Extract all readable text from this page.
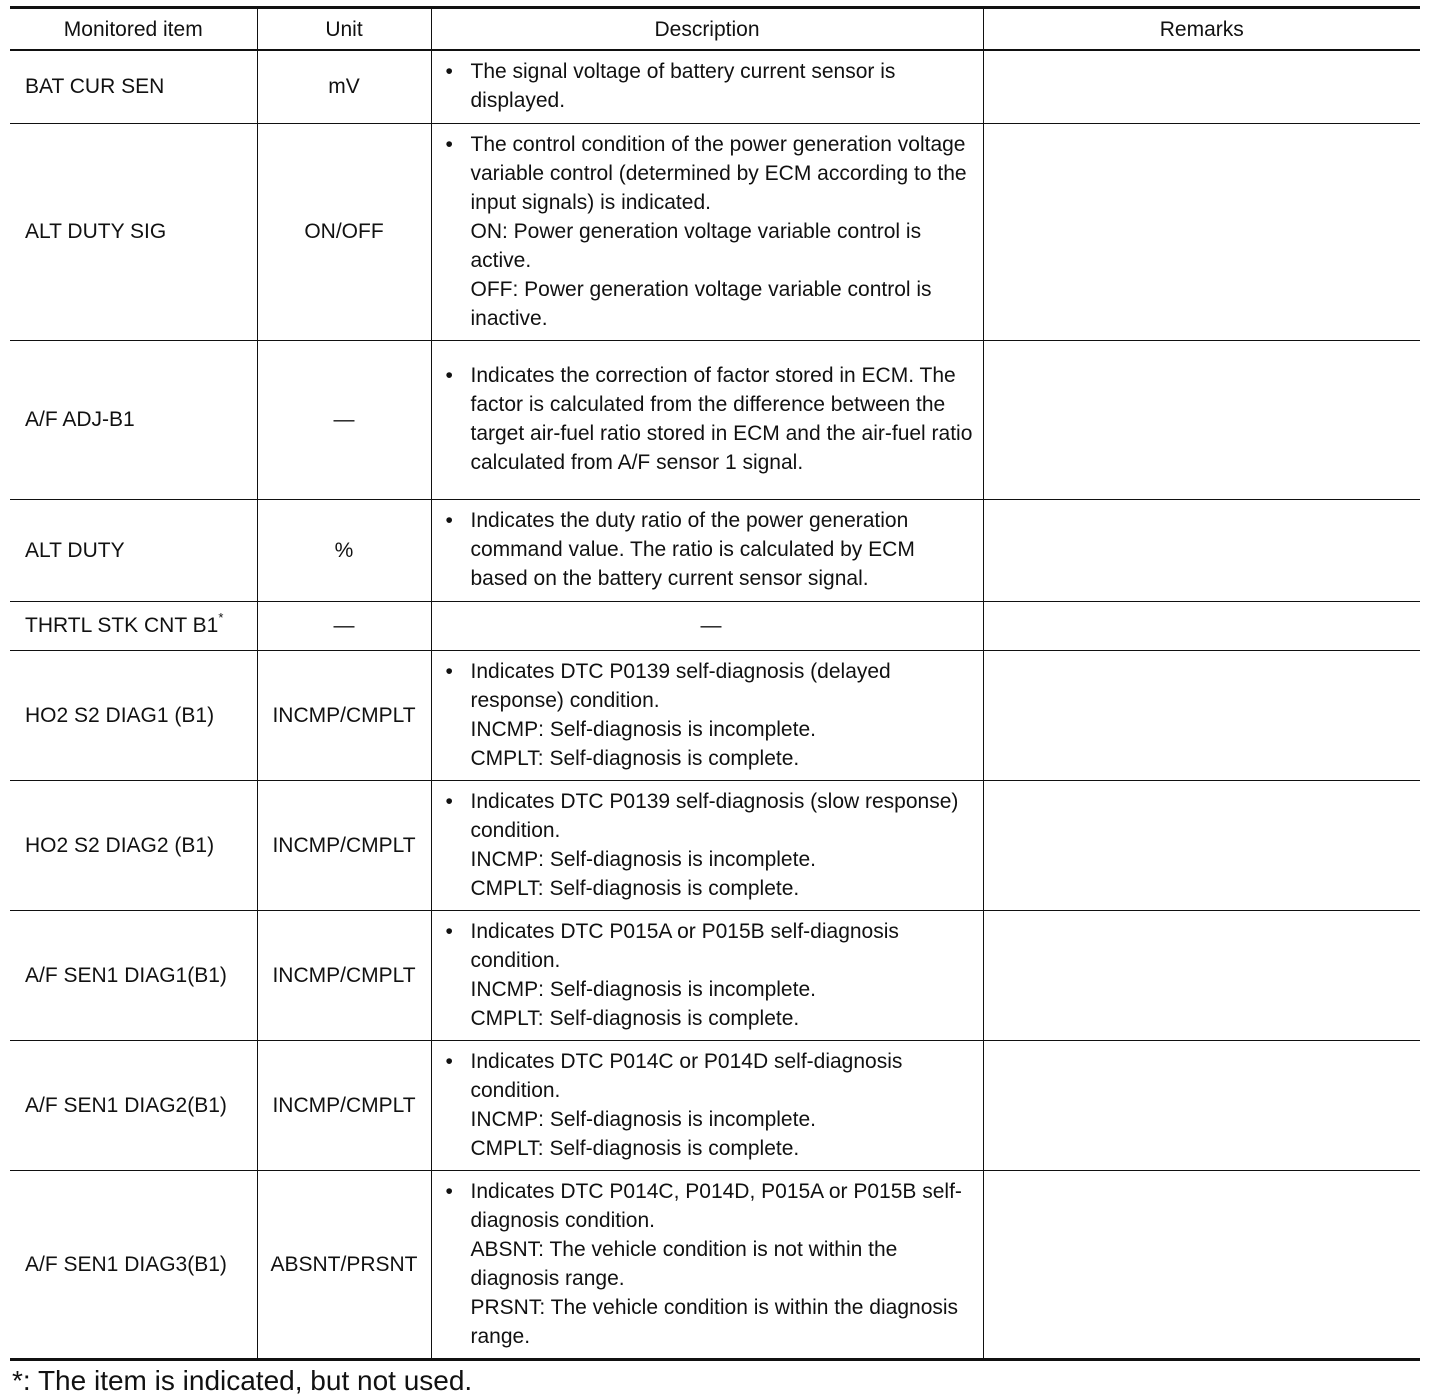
Monitored item	Unit	Description	Remarks
BAT CUR SEN	mV	• The signal voltage of battery current sensor is displayed.	

ALT DUTY SIG	ON/OFF	• The control condition of the power generation voltage variable control (determined by ECM according to the input signals) is indicated.
ON: Power generation voltage variable control is active.
OFF: Power generation voltage variable control is inactive.	

A/F ADJ-B1	—	• Indicates the correction of factor stored in ECM. The factor is calculated from the difference between the target air-fuel ratio stored in ECM and the air-fuel ratio calculated from A/F sensor 1 signal.	

ALT DUTY	%	• Indicates the duty ratio of the power generation command value. The ratio is calculated by ECM based on the battery current sensor signal.	

THRTL STK CNT B1*	—	—	
HO2 S2 DIAG1 (B1)	INCMP/CMPLT	• Indicates DTC P0139 self-diagnosis (delayed response) condition.
INCMP: Self-diagnosis is incomplete.
CMPLT: Self-diagnosis is complete.	

HO2 S2 DIAG2 (B1)	INCMP/CMPLT	• Indicates DTC P0139 self-diagnosis (slow response) condition.
INCMP: Self-diagnosis is incomplete.
CMPLT: Self-diagnosis is complete.	

A/F SEN1 DIAG1(B1)	INCMP/CMPLT	• Indicates DTC P015A or P015B self-diagnosis condition.
INCMP: Self-diagnosis is incomplete.
CMPLT: Self-diagnosis is complete.	

A/F SEN1 DIAG2(B1)	INCMP/CMPLT	• Indicates DTC P014C or P014D self-diagnosis condition.
INCMP: Self-diagnosis is incomplete.
CMPLT: Self-diagnosis is complete.	

A/F SEN1 DIAG3(B1)	ABSNT/PRSNT	• Indicates DTC P014C, P014D, P015A or P015B self-diagnosis condition.
ABSNT: The vehicle condition is not within the diagnosis range.
PRSNT: The vehicle condition is within the diagnosis range.	

*: The item is indicated, but not used.
